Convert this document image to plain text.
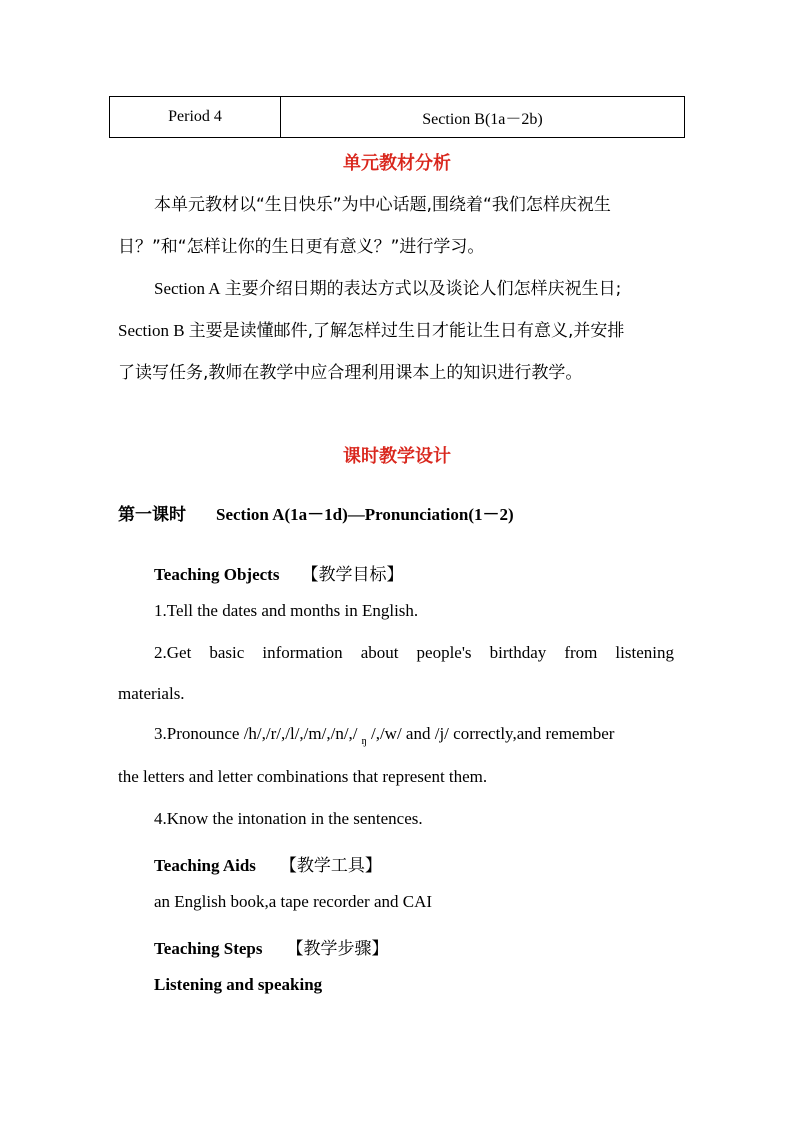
Period 4	Section B(1a－2b)
单元教材分析
本单元教材以“生日快乐”为中心话题,围绕着“我们怎样庆祝生
日？”和“怎样让你的生日更有意义？”进行学习。
Section A 主要介绍日期的表达方式以及谈论人们怎样庆祝生日;
Section B 主要是读懂邮件,了解怎样过生日才能让生日有意义,并安排
了读写任务,教师在教学中应合理利用课本上的知识进行教学。
课时教学设计
第一课时 Section A(1a－1d)—Pronunciation(1－2)
Teaching Objects 【教学目标】
1.Tell the dates and months in English.
2.Get basic information about people's birthday from listening
materials.
3.Pronounce /h/,/r/,/l/,/m/,/n/,/ $_ŋ$ /,/w/ and /j/ correctly,and remember
the letters and letter combinations that represent them.
4.Know the intonation in the sentences.
Teaching Aids 【教学工具】
an English book,a tape recorder and CAI
Teaching Steps 【教学步骤】
Listening and speaking
